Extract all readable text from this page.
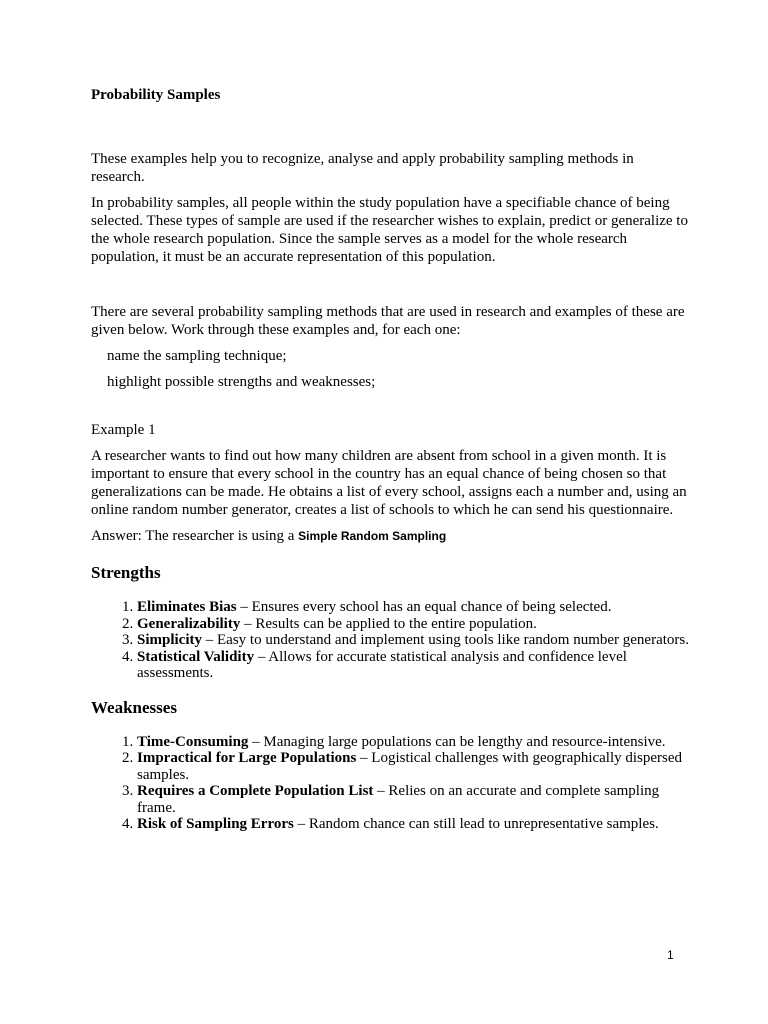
Probability Samples

These examples help you to recognize, analyse and apply probability sampling methods in research.

In probability samples, all people within the study population have a specifiable chance of being selected. These types of sample are used if the researcher wishes to explain, predict or generalize to the whole research population. Since the sample serves as a model for the whole research population, it must be an accurate representation of this population.

There are several probability sampling methods that are used in research and examples of these are given below. Work through these examples and, for each one:

name the sampling technique;

highlight possible strengths and weaknesses;

Example 1

A researcher wants to find out how many children are absent from school in a given month. It is important to ensure that every school in the country has an equal chance of being chosen so that generalizations can be made. He obtains a list of every school, assigns each a number and, using an online random number generator, creates a list of schools to which he can send his questionnaire.

Answer: The researcher is using a Simple Random Sampling

Strengths
1. Eliminates Bias – Ensures every school has an equal chance of being selected.
2. Generalizability – Results can be applied to the entire population.
3. Simplicity – Easy to understand and implement using tools like random number generators.
4. Statistical Validity – Allows for accurate statistical analysis and confidence level assessments.
Weaknesses
1. Time-Consuming – Managing large populations can be lengthy and resource-intensive.
2. Impractical for Large Populations – Logistical challenges with geographically dispersed samples.
3. Requires a Complete Population List – Relies on an accurate and complete sampling frame.
4. Risk of Sampling Errors – Random chance can still lead to unrepresentative samples.
1
